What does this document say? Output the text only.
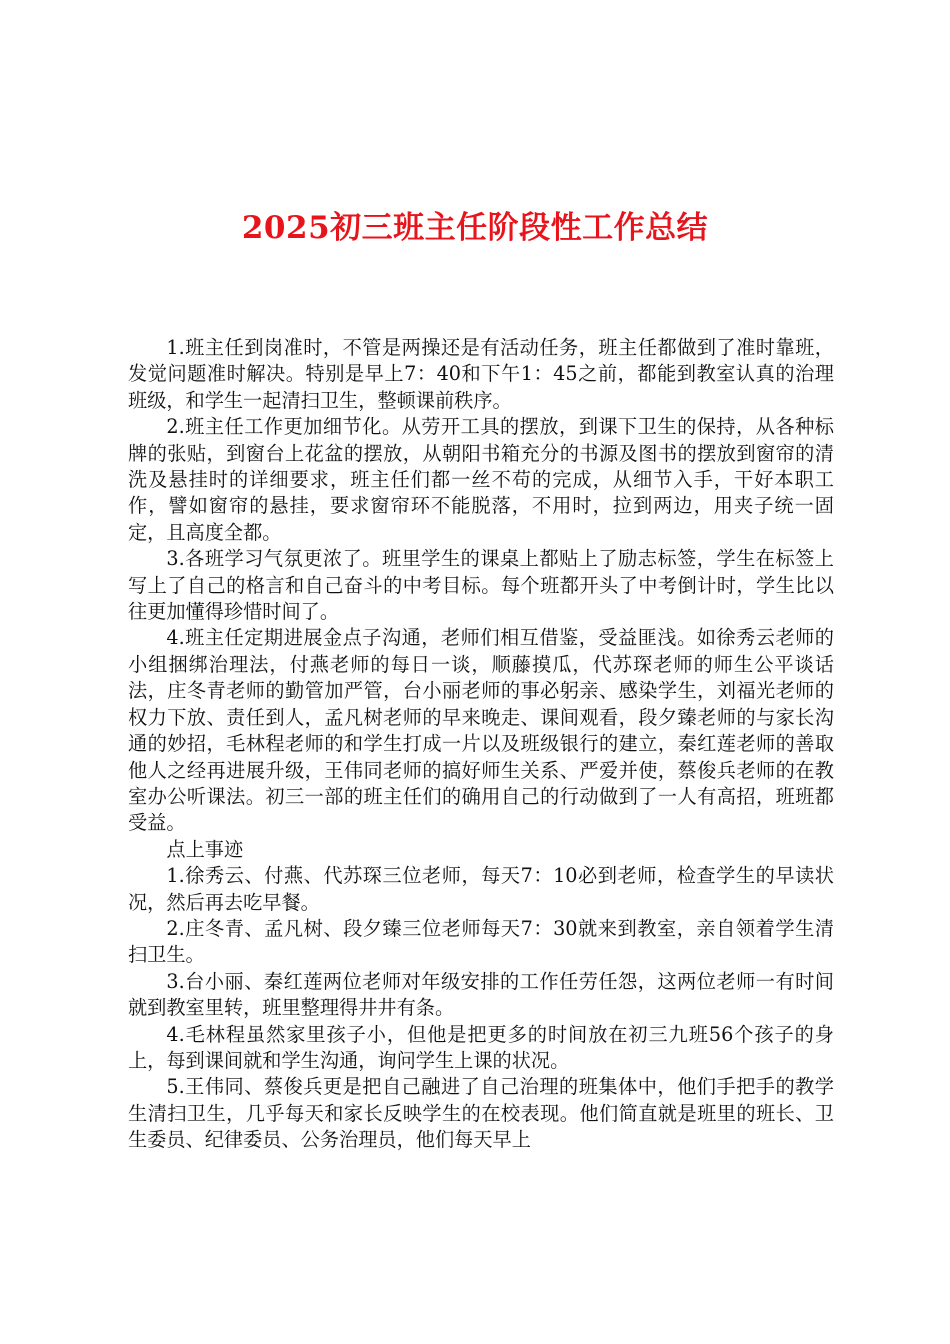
2025初三班主任阶段性工作总结

1.班主任到岗准时，不管是两操还是有活动任务，班主任都做到了准时靠班，发觉问题准时解决。特别是早上7：40和下午1：45之前，都能到教室认真的治理班级，和学生一起清扫卫生，整顿课前秩序。

2.班主任工作更加细节化。从劳开工具的摆放，到课下卫生的保持，从各种标牌的张贴，到窗台上花盆的摆放，从朝阳书箱充分的书源及图书的摆放到窗帘的清洗及悬挂时的详细要求，班主任们都一丝不苟的完成，从细节入手，干好本职工作，譬如窗帘的悬挂，要求窗帘环不能脱落，不用时，拉到两边，用夹子统一固定，且高度全都。

3.各班学习气氛更浓了。班里学生的课桌上都贴上了励志标签，学生在标签上写上了自己的格言和自己奋斗的中考目标。每个班都开头了中考倒计时，学生比以往更加懂得珍惜时间了。

4.班主任定期进展金点子沟通，老师们相互借鉴，受益匪浅。如徐秀云老师的小组捆绑治理法，付燕老师的每日一谈，顺藤摸瓜，代苏琛老师的师生公平谈话法，庄冬青老师的勤管加严管，台小丽老师的事必躬亲、感染学生，刘福光老师的权力下放、责任到人，孟凡树老师的早来晚走、课间观看，段夕臻老师的与家长沟通的妙招，毛林程老师的和学生打成一片以及班级银行的建立，秦红莲老师的善取他人之经再进展升级，王伟同老师的搞好师生关系、严爱并使，蔡俊兵老师的在教室办公听课法。初三一部的班主任们的确用自己的行动做到了一人有高招，班班都受益。

点上事迹

1.徐秀云、付燕、代苏琛三位老师，每天7：10必到老师，检查学生的早读状况，然后再去吃早餐。

2.庄冬青、孟凡树、段夕臻三位老师每天7：30就来到教室，亲自领着学生清扫卫生。

3.台小丽、秦红莲两位老师对年级安排的工作任劳任怨，这两位老师一有时间就到教室里转，班里整理得井井有条。

4.毛林程虽然家里孩子小，但他是把更多的时间放在初三九班56个孩子的身上，每到课间就和学生沟通，询问学生上课的状况。

5.王伟同、蔡俊兵更是把自己融进了自己治理的班集体中，他们手把手的教学生清扫卫生，几乎每天和家长反映学生的在校表现。他们简直就是班里的班长、卫生委员、纪律委员、公务治理员，他们每天早上
